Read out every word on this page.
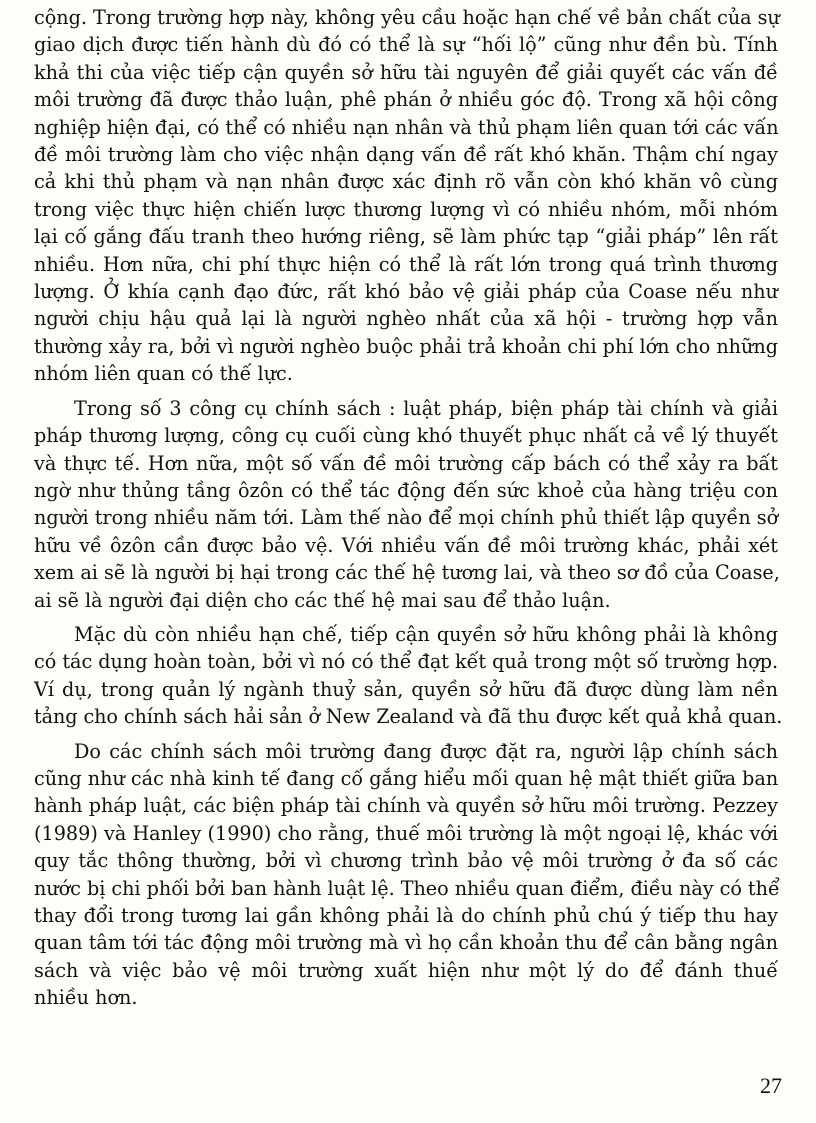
cộng. Trong trường hợp này, không yêu cầu hoặc hạn chế về bản chất của sự
giao dịch được tiến hành dù đó có thể là sự “hối lộ” cũng như đền bù. Tính
khả thi của việc tiếp cận quyền sở hữu tài nguyên để giải quyết các vấn đề
môi trường đã được thảo luận, phê phán ở nhiều góc độ. Trong xã hội công
nghiệp hiện đại, có thể có nhiều nạn nhân và thủ phạm liên quan tới các vấn
đề môi trường làm cho việc nhận dạng vấn đề rất khó khăn. Thậm chí ngay
cả khi thủ phạm và nạn nhân được xác định rõ vẫn còn khó khăn vô cùng
trong việc thực hiện chiến lược thương lượng vì có nhiều nhóm, mỗi nhóm
lại cố gắng đấu tranh theo hướng riêng, sẽ làm phức tạp “giải pháp” lên rất
nhiều. Hơn nữa, chi phí thực hiện có thể là rất lớn trong quá trình thương
lượng. Ở khía cạnh đạo đức, rất khó bảo vệ giải pháp của Coase nếu như
người chịu hậu quả lại là người nghèo nhất của xã hội - trường hợp vẫn
thường xảy ra, bởi vì người nghèo buộc phải trả khoản chi phí lớn cho những
nhóm liên quan có thế lực.
Trong số 3 công cụ chính sách : luật pháp, biện pháp tài chính và giải
pháp thương lượng, công cụ cuối cùng khó thuyết phục nhất cả về lý thuyết
và thực tế. Hơn nữa, một số vấn đề môi trường cấp bách có thể xảy ra bất
ngờ như thủng tầng ôzôn có thể tác động đến sức khoẻ của hàng triệu con
người trong nhiều năm tới. Làm thế nào để mọi chính phủ thiết lập quyền sở
hữu về ôzôn cần được bảo vệ. Với nhiều vấn đề môi trường khác, phải xét
xem ai sẽ là người bị hại trong các thế hệ tương lai, và theo sơ đồ của Coase,
ai sẽ là người đại diện cho các thế hệ mai sau để thảo luận.
Mặc dù còn nhiều hạn chế, tiếp cận quyền sở hữu không phải là không
có tác dụng hoàn toàn, bởi vì nó có thể đạt kết quả trong một số trường hợp.
Ví dụ, trong quản lý ngành thuỷ sản, quyền sở hữu đã được dùng làm nền
tảng cho chính sách hải sản ở New Zealand và đã thu được kết quả khả quan.
Do các chính sách môi trường đang được đặt ra, người lập chính sách
cũng như các nhà kinh tế đang cố gắng hiểu mối quan hệ mật thiết giữa ban
hành pháp luật, các biện pháp tài chính và quyền sở hữu môi trường. Pezzey
(1989) và Hanley (1990) cho rằng, thuế môi trường là một ngoại lệ, khác với
quy tắc thông thường, bởi vì chương trình bảo vệ môi trường ở đa số các
nước bị chi phối bởi ban hành luật lệ. Theo nhiều quan điểm, điều này có thể
thay đổi trong tương lai gần không phải là do chính phủ chú ý tiếp thu hay
quan tâm tới tác động môi trường mà vì họ cần khoản thu để cân bằng ngân
sách và việc bảo vệ môi trường xuất hiện như một lý do để đánh thuế
nhiều hơn.
27
